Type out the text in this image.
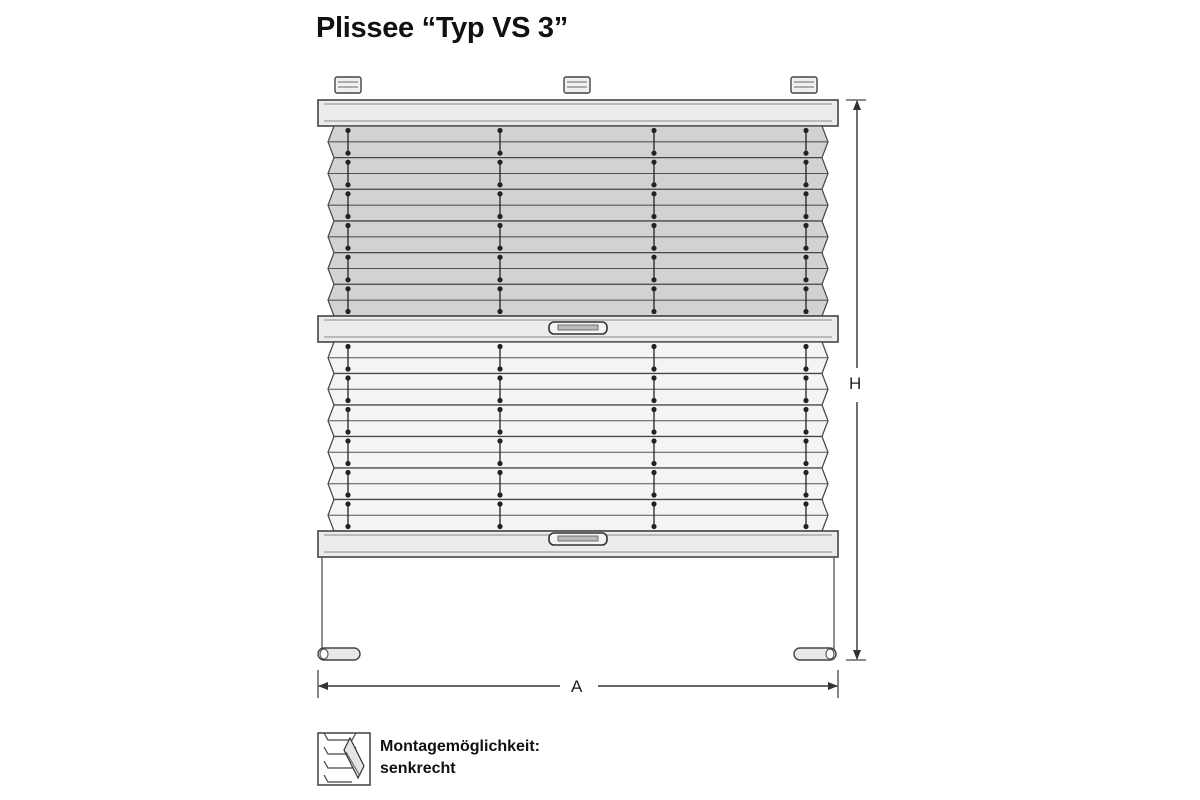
Plissee “Typ VS 3”
H
A
Montagemöglichkeit:
senkrecht
